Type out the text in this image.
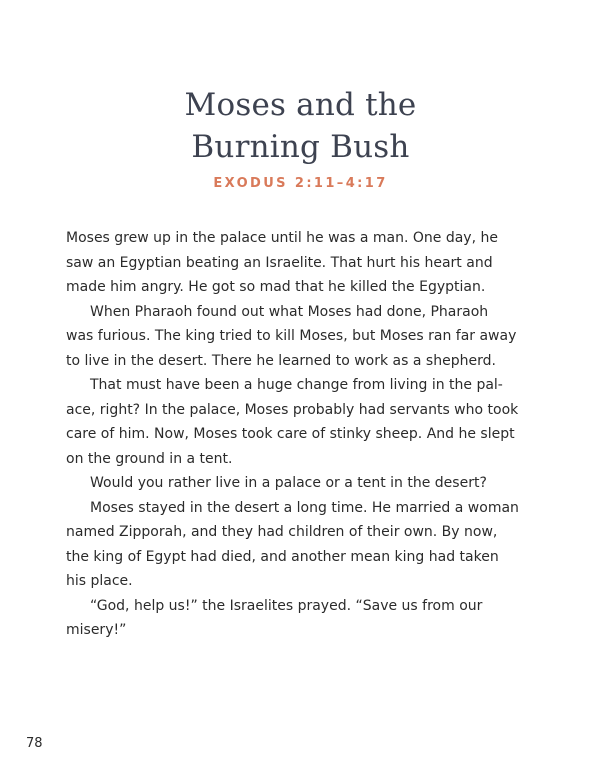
Moses and the
Burning Bush
EXODUS 2:11–4:17
Moses grew up in the palace until he was a man. One day, he
saw an Egyptian beating an Israelite. That hurt his heart and
made him angry. He got so mad that he killed the Egyptian.
When Pharaoh found out what Moses had done, Pharaoh
was furious. The king tried to kill Moses, but Moses ran far away
to live in the desert. There he learned to work as a shepherd.
That must have been a huge change from living in the pal-
ace, right? In the palace, Moses probably had servants who took
care of him. Now, Moses took care of stinky sheep. And he slept
on the ground in a tent.
Would you rather live in a palace or a tent in the desert?
Moses stayed in the desert a long time. He married a woman
named Zipporah, and they had children of their own. By now,
the king of Egypt had died, and another mean king had taken
his place.
“God, help us!” the Israelites prayed. “Save us from our
misery!”
78
